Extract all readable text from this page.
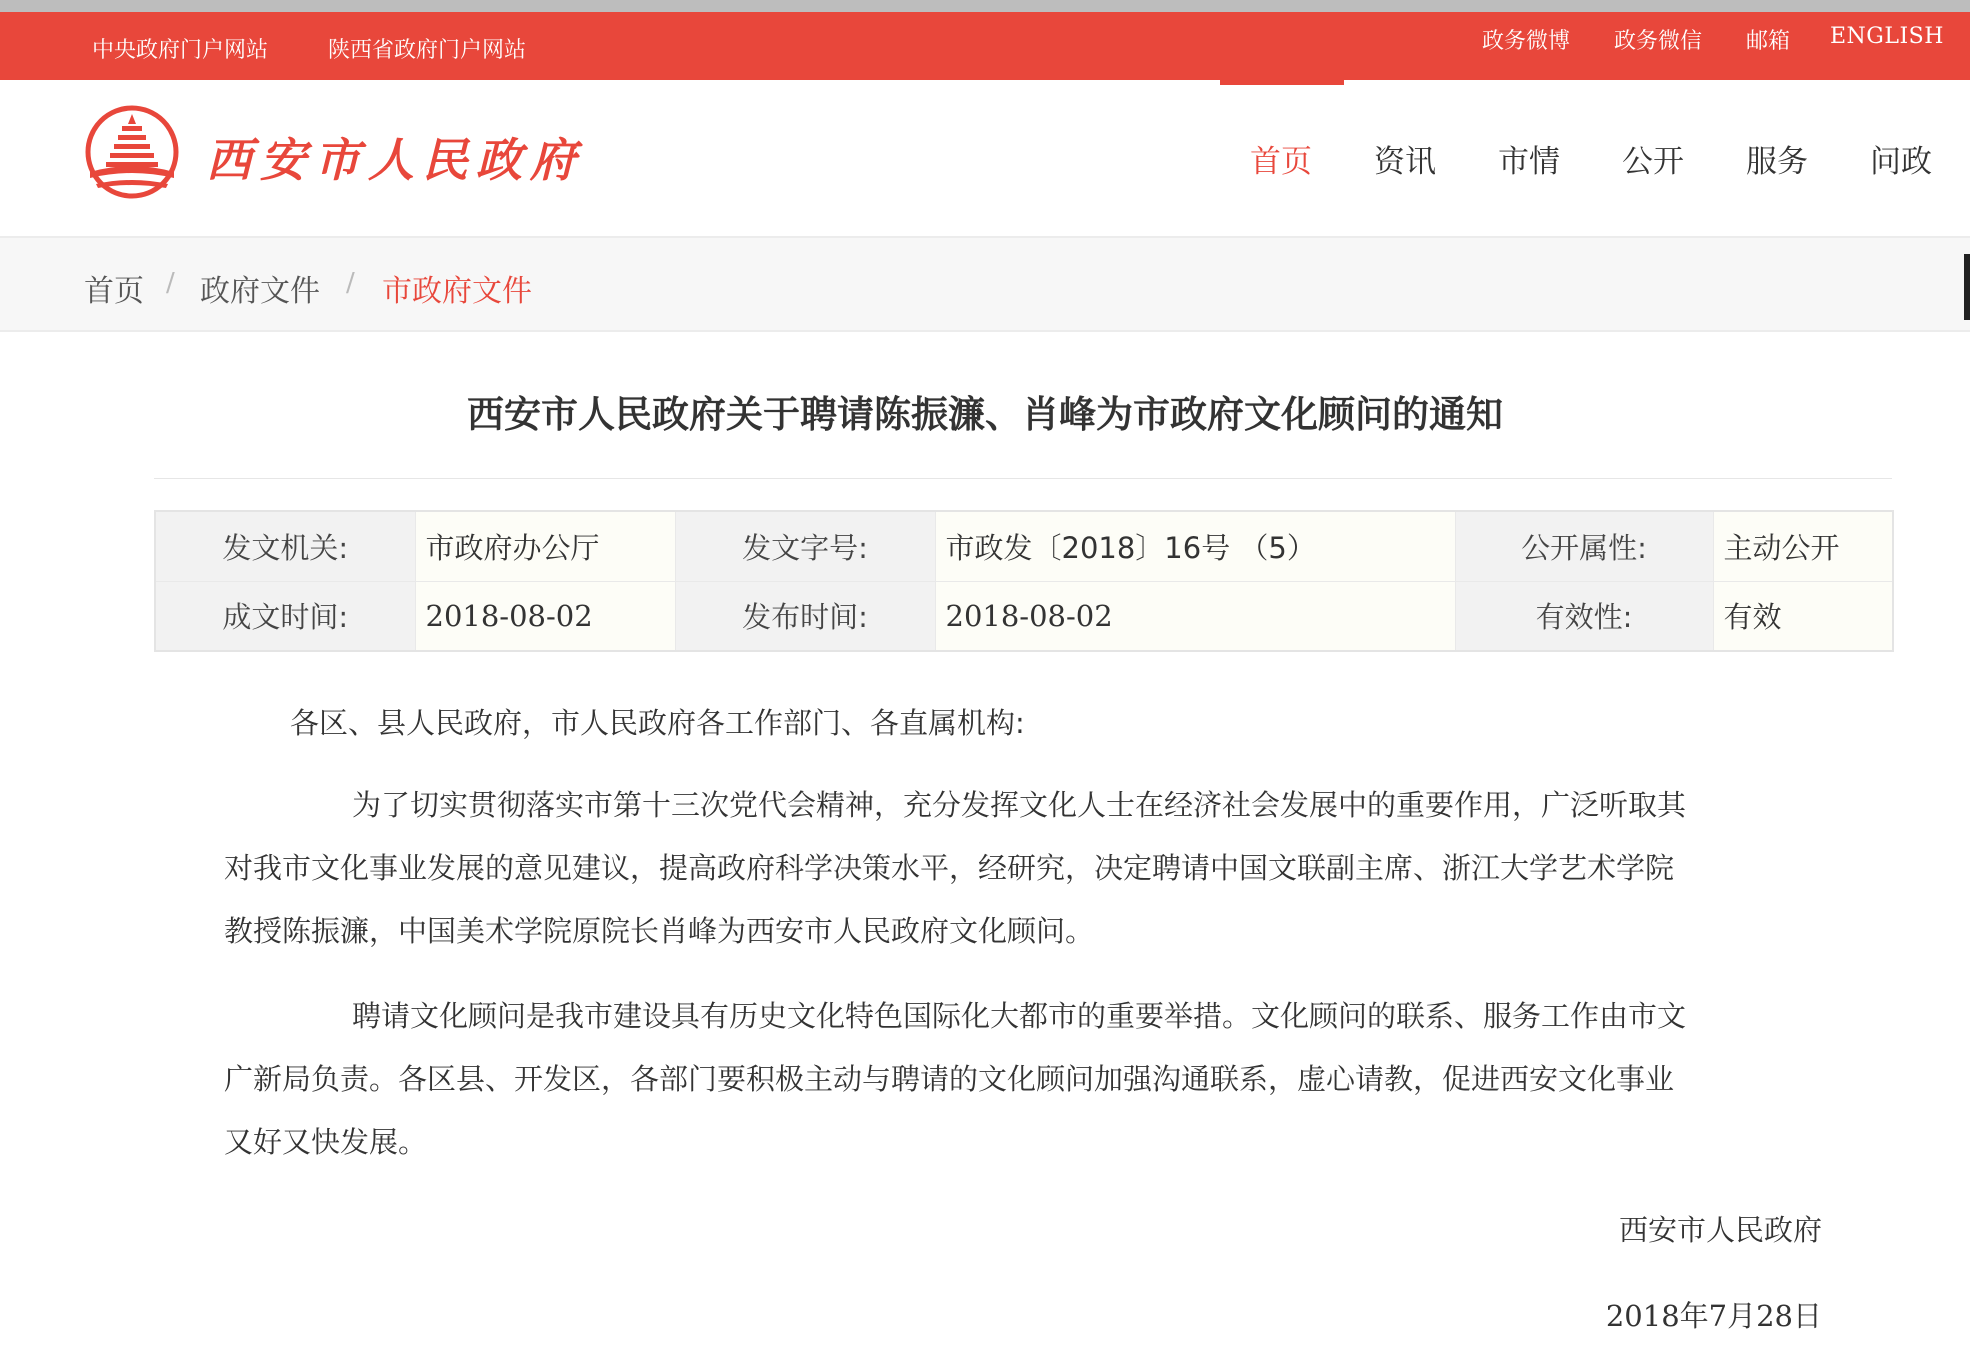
中央政府门户网站	陕西省政府门户网站	政务微博 政务微信 邮箱 ENGLISH
西安市人民政府	首页 资讯 市情 公开 服务 问政
首页 / 政府文件 / 市政府文件
西安市人民政府关于聘请陈振濂、肖峰为市政府文化顾问的通知
发文机关:	市政府办公厅	发文字号:	市政发〔2018〕16号 （5）	公开属性:	主动公开
成文时间:	2018-08-02	发布时间:	2018-08-02	有效性:	有效

各区、县人民政府，市人民政府各工作部门、各直属机构:

为了切实贯彻落实市第十三次党代会精神，充分发挥文化人士在经济社会发展中的重要作用，广泛听取其
对我市文化事业发展的意见建议，提高政府科学决策水平，经研究，决定聘请中国文联副主席、浙江大学艺术学院
教授陈振濂，中国美术学院原院长肖峰为西安市人民政府文化顾问。
聘请文化顾问是我市建设具有历史文化特色国际化大都市的重要举措。文化顾问的联系、服务工作由市文
广新局负责。各区县、开发区，各部门要积极主动与聘请的文化顾问加强沟通联系，虚心请教，促进西安文化事业
又好又快发展。

西安市人民政府

2018年7月28日
